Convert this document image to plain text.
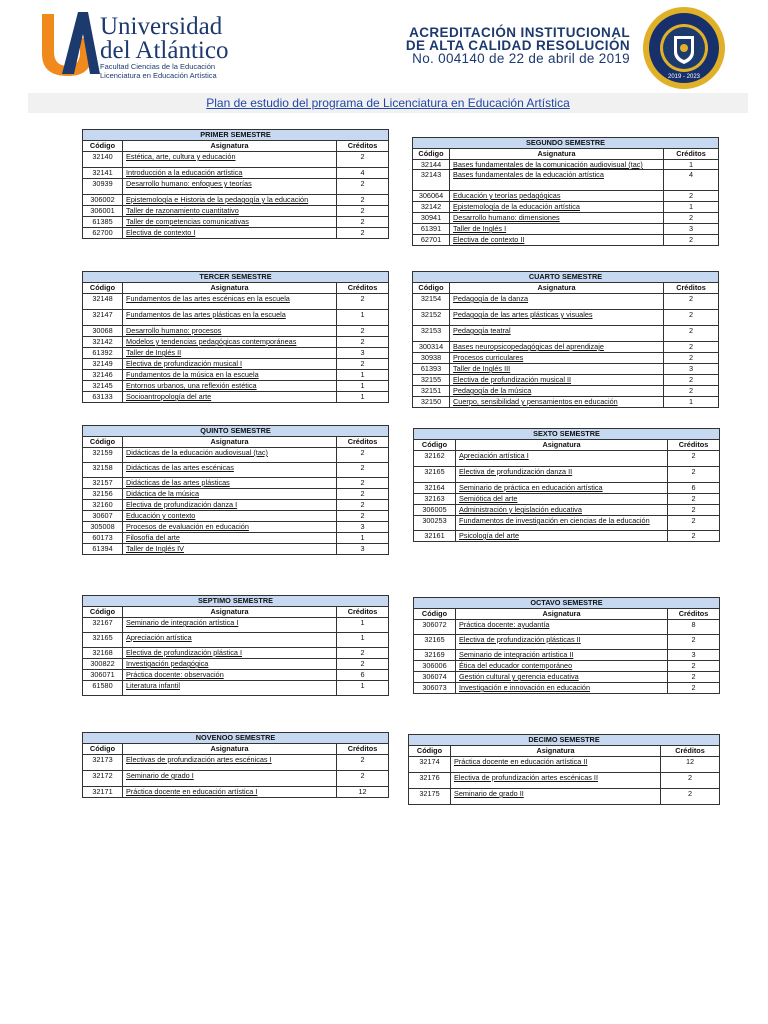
Universidad
del Atlántico
Facultad Ciencias de la Educación
Licenciatura en Educación Artística
ACREDITACIÓN INSTITUCIONAL
DE ALTA CALIDAD RESOLUCIÓN
No. 004140 de 22 de abril de 2019
2019 - 2023
Plan de estudio del programa de Licenciatura en Educación Artística
PRIMER SEMESTRE		
Código	Asignatura	Créditos
32140	Estética, arte, cultura y educación	2
32141	Introducción a la educación artística	4
30939	Desarrollo humano: enfoques y teorías	2
306002	Epistemología e Historia de la pedagogía y la educación	2
306001	Taller de razonamiento cuantitativo	2
61385	Taller de competencias comunicativas	2
62700	Electiva de contexto I	2
SEGUNDO SEMESTRE		
Código	Asignatura	Créditos
32144	Bases fundamentales de la comunicación audiovisual (tac)	1
32143	Bases fundamentales de la educación artística	4
306064	Educación y teorías pedagógicas	2
32142	Epistemología de la educación artística	1
30941	Desarrollo humano: dimensiones	2
61391	Taller de Inglés I	3
62701	Electiva de contexto II	2
TERCER SEMESTRE		
Código	Asignatura	Créditos
32148	Fundamentos de las artes escénicas en la escuela	2
32147	Fundamentos de las artes plásticas en la escuela	1
30068	Desarrollo humano: procesos	2
32142	Modelos y tendencias pedagógicas contemporáneas	2
61392	Taller de Inglés II	3
32149	Electiva de profundización musical I	2
32146	Fundamentos de la música en la escuela	1
32145	Entornos urbanos, una reflexión estética	1
63133	Socioantropología del arte	1
CUARTO SEMESTRE		
Código	Asignatura	Créditos
32154	Pedagogía de la danza	2
32152	Pedagogía de las artes plásticas y visuales	2
32153	Pedagogía teatral	2
300314	Bases neuropsicopedagógicas del aprendizaje	2
30938	Procesos curriculares	2
61393	Taller de Inglés III	3
32155	Electiva de profundización musical II	2
32151	Pedagogía de la música	2
32150	Cuerpo, sensibilidad y pensamientos en educación	1
QUINTO SEMESTRE		
Código	Asignatura	Créditos
32159	Didácticas de la educación audiovisual (tac)	2
32158	Didácticas de las artes escénicas	2
32157	Didácticas de las artes plásticas	2
32156	Didáctica de la música	2
32160	Electiva de profundización danza I	2
30607	Educación y contexto	2
305008	Procesos de evaluación en educación	3
60173	Filosofía del arte	1
61394	Taller de Inglés IV	3
SEXTO SEMESTRE		
Código	Asignatura	Créditos
32162	Apreciación artística I	2
32165	Electiva de profundización danza II	2
32164	Seminario de práctica en educación artística	6
32163	Semiótica del arte	2
306005	Administración y legislación educativa	2
300253	Fundamentos de investigación en ciencias de la educación	2
32161	Psicología del arte	2
SEPTIMO SEMESTRE		
Código	Asignatura	Créditos
32167	Seminario de integración artística I	1
32165	Apreciación artística	1
32168	Electiva de profundización plástica I	2
300822	Investigación pedagógica	2
306071	Práctica docente: observación	6
61580	Literatura infantil	1
OCTAVO SEMESTRE		
Código	Asignatura	Créditos
306072	Práctica docente: ayudantía	8
32165	Electiva de profundización plásticas II	2
32169	Seminario de integración artística II	3
306006	Ética del educador contemporáneo	2
306074	Gestión cultural y gerencia educativa	2
306073	Investigación e innovación en educación	2
NOVENOO SEMESTRE		
Código	Asignatura	Créditos
32173	Electivas de profundización artes escénicas I	2
32172	Seminario de grado I	2
32171	Práctica docente en educación artística I	12
DECIMO SEMESTRE		
Código	Asignatura	Créditos
32174	Práctica docente en educación artística II	12
32176	Electiva de profundización artes escénicas II	2
32175	Seminario de grado II	2
